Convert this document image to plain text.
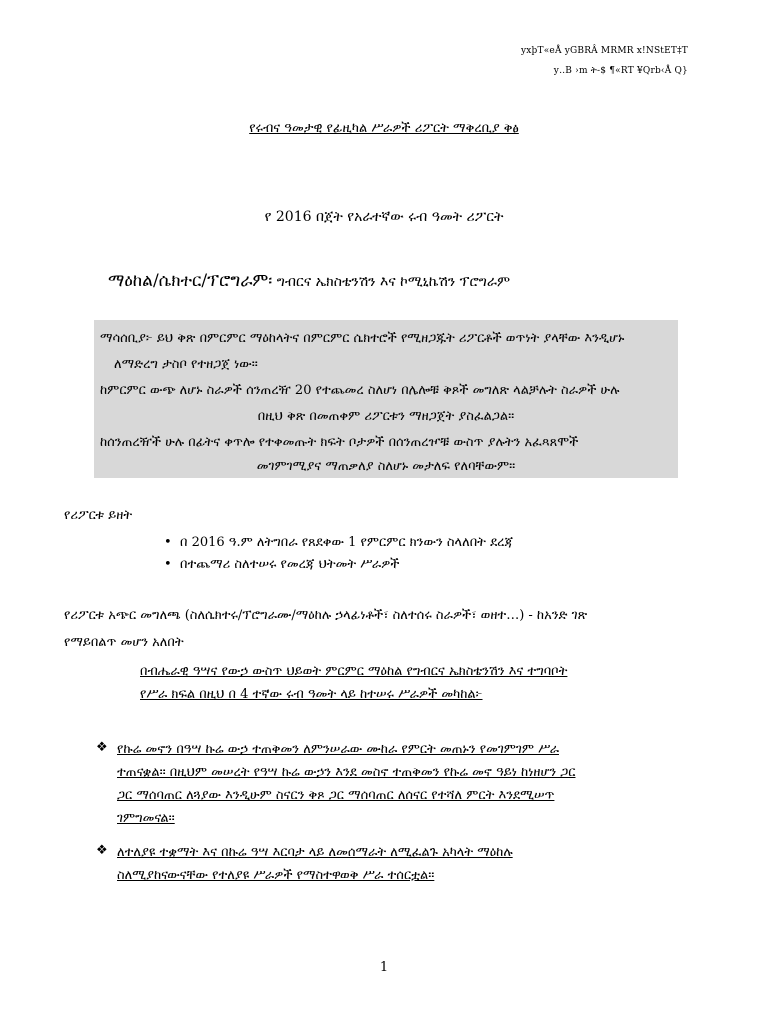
yxþT«eÅ yGBRÂ MRMR x!NStET‡T
y‥B ›m ት‑$ ¶«RT ¥Qrb‹Å Q}
የሩብና ዓመታዊ የፊዚካል ሥራዎች ሪፖርት ማቅረቢያ ቅፅ
የ 2016 በጀት የአራተኛው ሩብ ዓመት ሪፖርት
ማዕከል/ሴክተር/ፕሮግራም፡ ግብርና ኤክስቴንሽን እና ኮሚኒኬሽን ፕሮግራም
ማሳሰቢያ፦ ይህ ቅጽ በምርምር ማዕከላትና በምርምር ሴክተሮች የሚዘጋጁት ሪፖርቶች ወጥነት ያላቸው እንዲሆኑ
ለማድረግ ታስቦ የተዘጋጀ ነው።
ከምርምር ውጭ ለሆኑ ስራዎች ሰንጠረዥ 20 የተጨመረ ስለሆነ በሌሎቹ ቅጾች መግለጽ ላልቻሉት ስራዎች ሁሉ
በዚህ ቅጽ በመጠቀም ሪፖርቱን ማዘጋጀት ያስፈልጋል።
ከሰንጠረዥች ሁሉ በፊትና ቀጥሎ የተቀመጡት ክፍት ቦታዎች በሰንጠረዦቹ ውስጥ ያሉትን አፈጻጸሞች
መገምገሚያና ማጠቃለያ ስለሆኑ መታለፍ የለባቸውም።
የሪፖርቱ ይዘት
• በ 2016 ዓ.ም ለትግበራ የጸደቀው 1 የምርምር ክንውን ስላለበት ደረጃ
• በተጨማሪ ስለተሠሩ የመረጃ ህትመት ሥራዎች
የሪፖርቱ አጭር መግለጫ (ስለሴክተሩ/ፕሮግራሙ/ማዕከሉ ኃላፊነቶች፣ ስለተሰሩ ስራዎች፣ ወዘተ…) - ከአንድ ገጽ
የማይበልጥ መሆን አለበት
በብሔራዊ ዓሣና የውኃ ውስጥ ህይወት ምርምር ማዕከል የግብርና ኤክስቴንሽን እና ተግባቦት
የሥራ ክፍል በዚህ በ 4 ተኛው ሩብ ዓመት ላይ ከተሠሩ ሥራዎች መካከል፦
❖ የኩሬ መኖን በዓሣ ኩሬ ውኃ ተጠቅመን ለምንሠራው ሙከራ የምርት መጠኑን የመገምገም ሥራ
ተጠናቋል። በዚህም መሠረት የዓሣ ኩሬ ውኃን እንደ መስኖ ተጠቅመን የኩሬ መኖ ዓይነ ከነዘሆን ጋር
ጋር ማሰባጠር ለጓያው እንዲሁም ስናርን ቅጾ ጋር ማሰባጠር ለሰናር የተሻለ ምርት እንደሚሠጥ
ገምግመናል።
❖ ለተለያዩ ተቋማት እና በኩሬ ዓሣ እርባታ ላይ ለመሰማራት ለሚፈልጉ አካላት ማዕከሉ
ስለሚያከናውናቸው የተለያዩ ሥራዎች የማስተዋወቅ ሥራ ተሰርቷል።
1
